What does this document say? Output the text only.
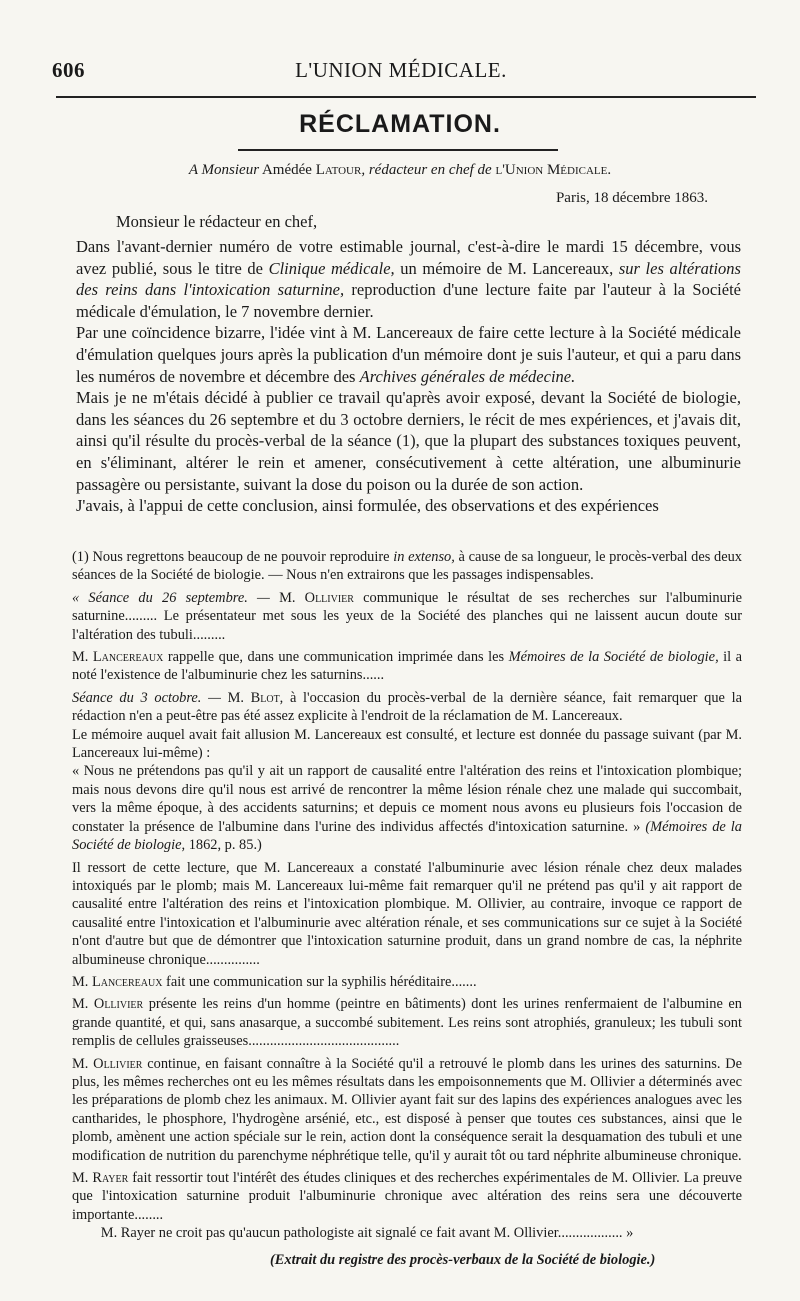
606	L'UNION MÉDICALE.
RÉCLAMATION.
A Monsieur Amédée Latour, rédacteur en chef de l'Union Médicale.
Paris, 18 décembre 1863.
Monsieur le rédacteur en chef,

Dans l'avant-dernier numéro de votre estimable journal, c'est-à-dire le mardi 15 décembre, vous avez publié, sous le titre de Clinique médicale, un mémoire de M. Lancereaux, sur les altérations des reins dans l'intoxication saturnine, reproduction d'une lecture faite par l'auteur à la Société médicale d'émulation, le 7 novembre dernier.

Par une coïncidence bizarre, l'idée vint à M. Lancereaux de faire cette lecture à la Société médicale d'émulation quelques jours après la publication d'un mémoire dont je suis l'auteur, et qui a paru dans les numéros de novembre et décembre des Archives générales de médecine.

Mais je ne m'étais décidé à publier ce travail qu'après avoir exposé, devant la Société de biologie, dans les séances du 26 septembre et du 3 octobre derniers, le récit de mes expériences, et j'avais dit, ainsi qu'il résulte du procès-verbal de la séance (1), que la plupart des substances toxiques peuvent, en s'éliminant, altérer le rein et amener, consécutivement à cette altération, une albuminurie passagère ou persistante, suivant la dose du poison ou la durée de son action.

J'avais, à l'appui de cette conclusion, ainsi formulée, des observations et des expériences

(1) Nous regrettons beaucoup de ne pouvoir reproduire in extenso, à cause de sa longueur, le procès-verbal des deux séances de la Société de biologie. — Nous n'en extrairons que les passages indispensables.

« Séance du 26 septembre. — M. Ollivier communique le résultat de ses recherches sur l'albuminurie saturnine......... Le présentateur met sous les yeux de la Société des planches qui ne laissent aucun doute sur l'altération des tubuli.........

M. Lancereaux rappelle que, dans une communication imprimée dans les Mémoires de la Société de biologie, il a noté l'existence de l'albuminurie chez les saturnins......

Séance du 3 octobre. — M. Blot, à l'occasion du procès-verbal de la dernière séance, fait remarquer que la rédaction n'en a peut-être pas été assez explicite à l'endroit de la réclamation de M. Lancereaux.

Le mémoire auquel avait fait allusion M. Lancereaux est consulté, et lecture est donnée du passage suivant (par M. Lancereaux lui-même) :

« Nous ne prétendons pas qu'il y ait un rapport de causalité entre l'altération des reins et l'intoxication plombique; mais nous devons dire qu'il nous est arrivé de rencontrer la même lésion rénale chez une malade qui succombait, vers la même époque, à des accidents saturnins; et depuis ce moment nous avons eu plusieurs fois l'occasion de constater la présence de l'albumine dans l'urine des individus affectés d'intoxication saturnine. » (Mémoires de la Société de biologie, 1862, p. 85.)

Il ressort de cette lecture, que M. Lancereaux a constaté l'albuminurie avec lésion rénale chez deux malades intoxiqués par le plomb; mais M. Lancereaux lui-même fait remarquer qu'il ne prétend pas qu'il y ait rapport de causalité entre l'altération des reins et l'intoxication plombique. M. Ollivier, au contraire, invoque ce rapport de causalité entre l'intoxication et l'albuminurie avec altération rénale, et ses communications sur ce sujet à la Société n'ont d'autre but que de démontrer que l'intoxication saturnine produit, dans un grand nombre de cas, la néphrite albumineuse chronique...............

M. Lancereaux fait une communication sur la syphilis héréditaire.......

M. Ollivier présente les reins d'un homme (peintre en bâtiments) dont les urines renfermaient de l'albumine en grande quantité, et qui, sans anasarque, a succombé subitement. Les reins sont atrophiés, granuleux; les tubuli sont remplis de cellules graisseuses..........................................

M. Ollivier continue, en faisant connaître à la Société qu'il a retrouvé le plomb dans les urines des saturnins. De plus, les mêmes recherches ont eu les mêmes résultats dans les empoisonnements que M. Ollivier a déterminés avec les préparations de plomb chez les animaux. M. Ollivier ayant fait sur des lapins des expériences analogues avec les cantharides, le phosphore, l'hydrogène arsénié, etc., est disposé à penser que toutes ces substances, ainsi que le plomb, amènent une action spéciale sur le rein, action dont la conséquence serait la desquamation des tubuli et une modification de nutrition du parenchyme néphrétique telle, qu'il y aurait tôt ou tard néphrite albumineuse chronique.

M. Rayer fait ressortir tout l'intérêt des études cliniques et des recherches expérimentales de M. Ollivier. La preuve que l'intoxication saturnine produit l'albuminurie chronique avec altération des reins sera une découverte importante........

M. Rayer ne croit pas qu'aucun pathologiste ait signalé ce fait avant M. Ollivier.................. »

(Extrait du registre des procès-verbaux de la Société de biologie.)
